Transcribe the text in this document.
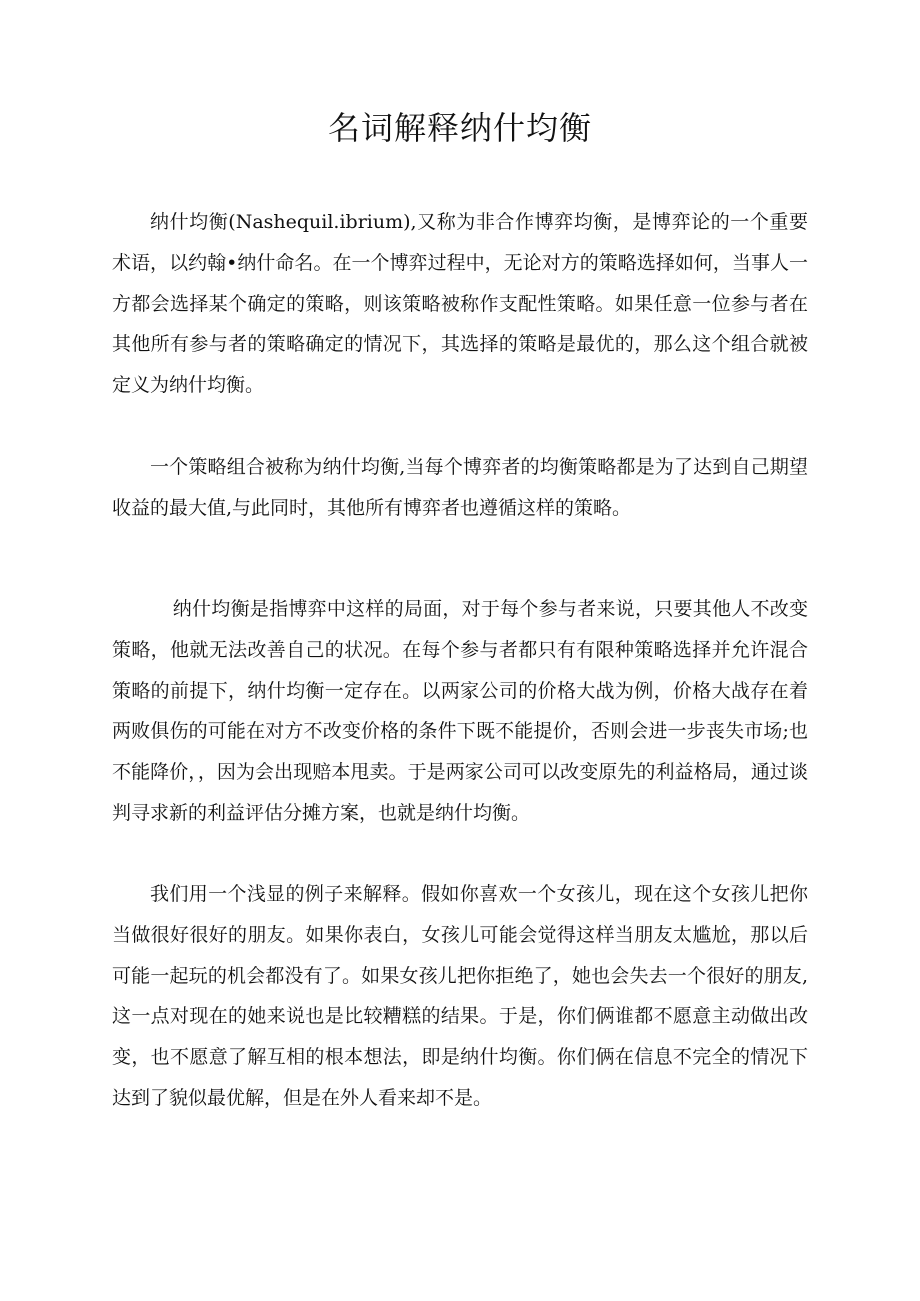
名词解释纳什均衡

纳什均衡(Nashequil.ibrium),又称为非合作博弈均衡，是博弈论的一个重要术语，以约翰•纳什命名。在一个博弈过程中，无论对方的策略选择如何，当事人一方都会选择某个确定的策略，则该策略被称作支配性策略。如果任意一位参与者在其他所有参与者的策略确定的情况下，其选择的策略是最优的，那么这个组合就被定义为纳什均衡。

一个策略组合被称为纳什均衡,当每个博弈者的均衡策略都是为了达到自己期望收益的最大值,与此同时，其他所有博弈者也遵循这样的策略。

纳什均衡是指博弈中这样的局面，对于每个参与者来说，只要其他人不改变策略，他就无法改善自己的状况。在每个参与者都只有有限种策略选择并允许混合策略的前提下，纳什均衡一定存在。以两家公司的价格大战为例，价格大战存在着两败俱伤的可能在对方不改变价格的条件下既不能提价，否则会进一步丧失市场;也不能降价，，因为会出现赔本甩卖。于是两家公司可以改变原先的利益格局，通过谈判寻求新的利益评估分摊方案，也就是纳什均衡。

我们用一个浅显的例子来解释。假如你喜欢一个女孩儿，现在这个女孩儿把你当做很好很好的朋友。如果你表白，女孩儿可能会觉得这样当朋友太尴尬，那以后可能一起玩的机会都没有了。如果女孩儿把你拒绝了，她也会失去一个很好的朋友,这一点对现在的她来说也是比较糟糕的结果。于是，你们俩谁都不愿意主动做出改变，也不愿意了解互相的根本想法，即是纳什均衡。你们俩在信息不完全的情况下达到了貌似最优解，但是在外人看来却不是。
